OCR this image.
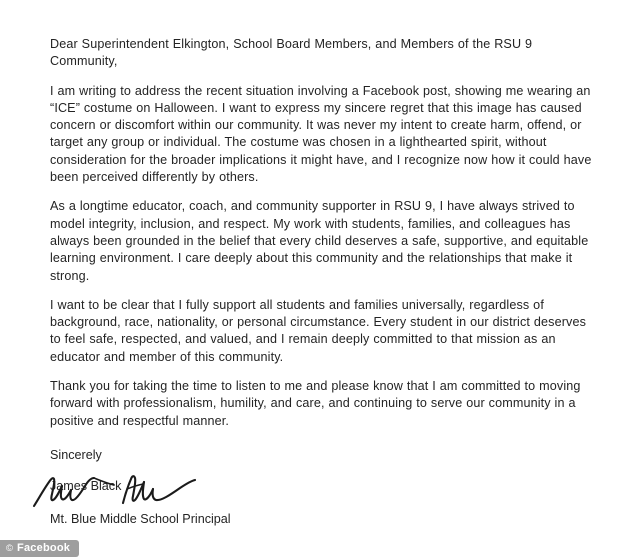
Dear Superintendent Elkington, School Board Members, and Members of the RSU 9 Community,

I am writing to address the recent situation involving a Facebook post, showing me wearing an “ICE” costume on Halloween. I want to express my sincere regret that this image has caused concern or discomfort within our community. It was never my intent to create harm, offend, or target any group or individual. The costume was chosen in a lighthearted spirit, without consideration for the broader implications it might have, and I recognize now how it could have been perceived differently by others.

As a longtime educator, coach, and community supporter in RSU 9, I have always strived to model integrity, inclusion, and respect. My work with students, families, and colleagues has always been grounded in the belief that every child deserves a safe, supportive, and equitable learning environment. I care deeply about this community and the relationships that make it strong.

I want to be clear that I fully support all students and families universally, regardless of background, race, nationality, or personal circumstance. Every student in our district deserves to feel safe, respected, and valued, and I remain deeply committed to that mission as an educator and member of this community.

Thank you for taking the time to listen to me and please know that I am committed to moving forward with professionalism, humility, and care, and continuing to serve our community in a positive and respectful manner.

Sincerely

James Black

Mt. Blue Middle School Principal

© Facebook
